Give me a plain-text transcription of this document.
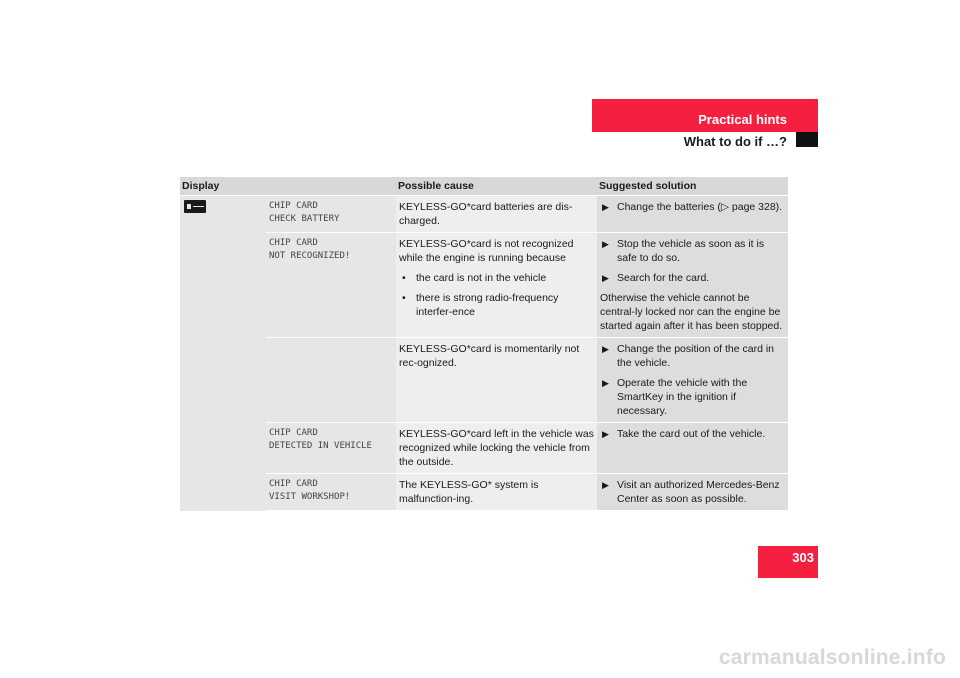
Practical hints
What to do if …?
303
Display	Possible cause	Suggested solution
CHIP CARD
CHECK BATTERY
KEYLESS-GO*card batteries are dis-charged.
▶ Change the batteries (▷ page 328).
CHIP CARD
NOT RECOGNIZED!
KEYLESS-GO*card is not recognized while the engine is running because
• the card is not in the vehicle
• there is strong radio-frequency interfer-ence
▶ Stop the vehicle as soon as it is safe to do so.
▶ Search for the card.
Otherwise the vehicle cannot be central-ly locked nor can the engine be started again after it has been stopped.
KEYLESS-GO*card is momentarily not rec-ognized.
▶ Change the position of the card in the vehicle.
▶ Operate the vehicle with the SmartKey in the ignition if necessary.
CHIP CARD
DETECTED IN VEHICLE
KEYLESS-GO*card left in the vehicle was recognized while locking the vehicle from the outside.
▶ Take the card out of the vehicle.
CHIP CARD
VISIT WORKSHOP!
The KEYLESS-GO* system is malfunction-ing.
▶ Visit an authorized Mercedes-Benz Center as soon as possible.
carmanualsonline.info
